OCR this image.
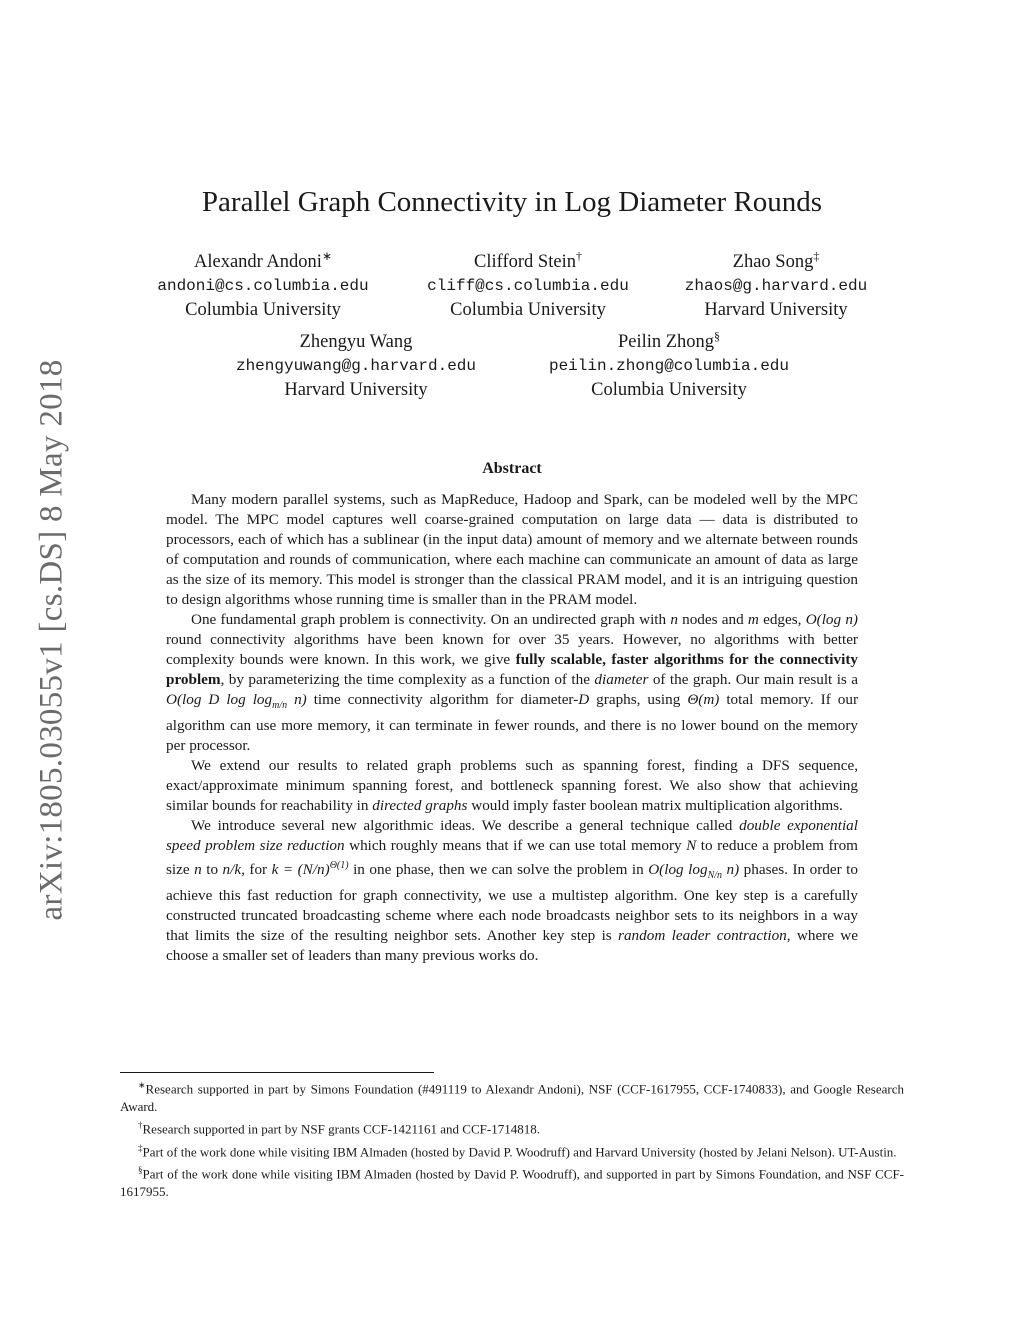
arXiv:1805.03055v1 [cs.DS] 8 May 2018
Parallel Graph Connectivity in Log Diameter Rounds
Alexandr Andoni∗
andoni@cs.columbia.edu
Columbia University
Clifford Stein†
cliff@cs.columbia.edu
Columbia University
Zhao Song‡
zhaos@g.harvard.edu
Harvard University
Zhengyu Wang
zhengyuwang@g.harvard.edu
Harvard University
Peilin Zhong§
peilin.zhong@columbia.edu
Columbia University
Abstract

Many modern parallel systems, such as MapReduce, Hadoop and Spark, can be modeled well by the MPC model. The MPC model captures well coarse-grained computation on large data — data is distributed to processors, each of which has a sublinear (in the input data) amount of memory and we alternate between rounds of computation and rounds of communication, where each machine can communicate an amount of data as large as the size of its memory. This model is stronger than the classical PRAM model, and it is an intriguing question to design algorithms whose running time is smaller than in the PRAM model.

One fundamental graph problem is connectivity. On an undirected graph with n nodes and m edges, O(log n) round connectivity algorithms have been known for over 35 years. However, no algorithms with better complexity bounds were known. In this work, we give fully scalable, faster algorithms for the connectivity problem, by parameterizing the time complexity as a function of the diameter of the graph. Our main result is a O(log D $\log \log_{m/n} n$) time connectivity algorithm for diameter-D graphs, using Θ(m) total memory. If our algorithm can use more memory, it can terminate in fewer rounds, and there is no lower bound on the memory per processor.

We extend our results to related graph problems such as spanning forest, finding a DFS sequence, exact/approximate minimum spanning forest, and bottleneck spanning forest. We also show that achieving similar bounds for reachability in directed graphs would imply faster boolean matrix multiplication algorithms.

We introduce several new algorithmic ideas. We describe a general technique called double exponential speed problem size reduction which roughly means that if we can use total memory N to reduce a problem from size n to n/k, for $k = (N/n)^{\Theta(1)}$ in one phase, then we can solve the problem in O(log $\log_{N/n} n$) phases. In order to achieve this fast reduction for graph connectivity, we use a multistep algorithm. One key step is a carefully constructed truncated broadcasting scheme where each node broadcasts neighbor sets to its neighbors in a way that limits the size of the resulting neighbor sets. Another key step is random leader contraction, where we choose a smaller set of leaders than many previous works do.

∗Research supported in part by Simons Foundation (#491119 to Alexandr Andoni), NSF (CCF-1617955, CCF-1740833), and Google Research Award.

†Research supported in part by NSF grants CCF-1421161 and CCF-1714818.

‡Part of the work done while visiting IBM Almaden (hosted by David P. Woodruff) and Harvard University (hosted by Jelani Nelson). UT-Austin.

§Part of the work done while visiting IBM Almaden (hosted by David P. Woodruff), and supported in part by Simons Foundation, and NSF CCF-1617955.
